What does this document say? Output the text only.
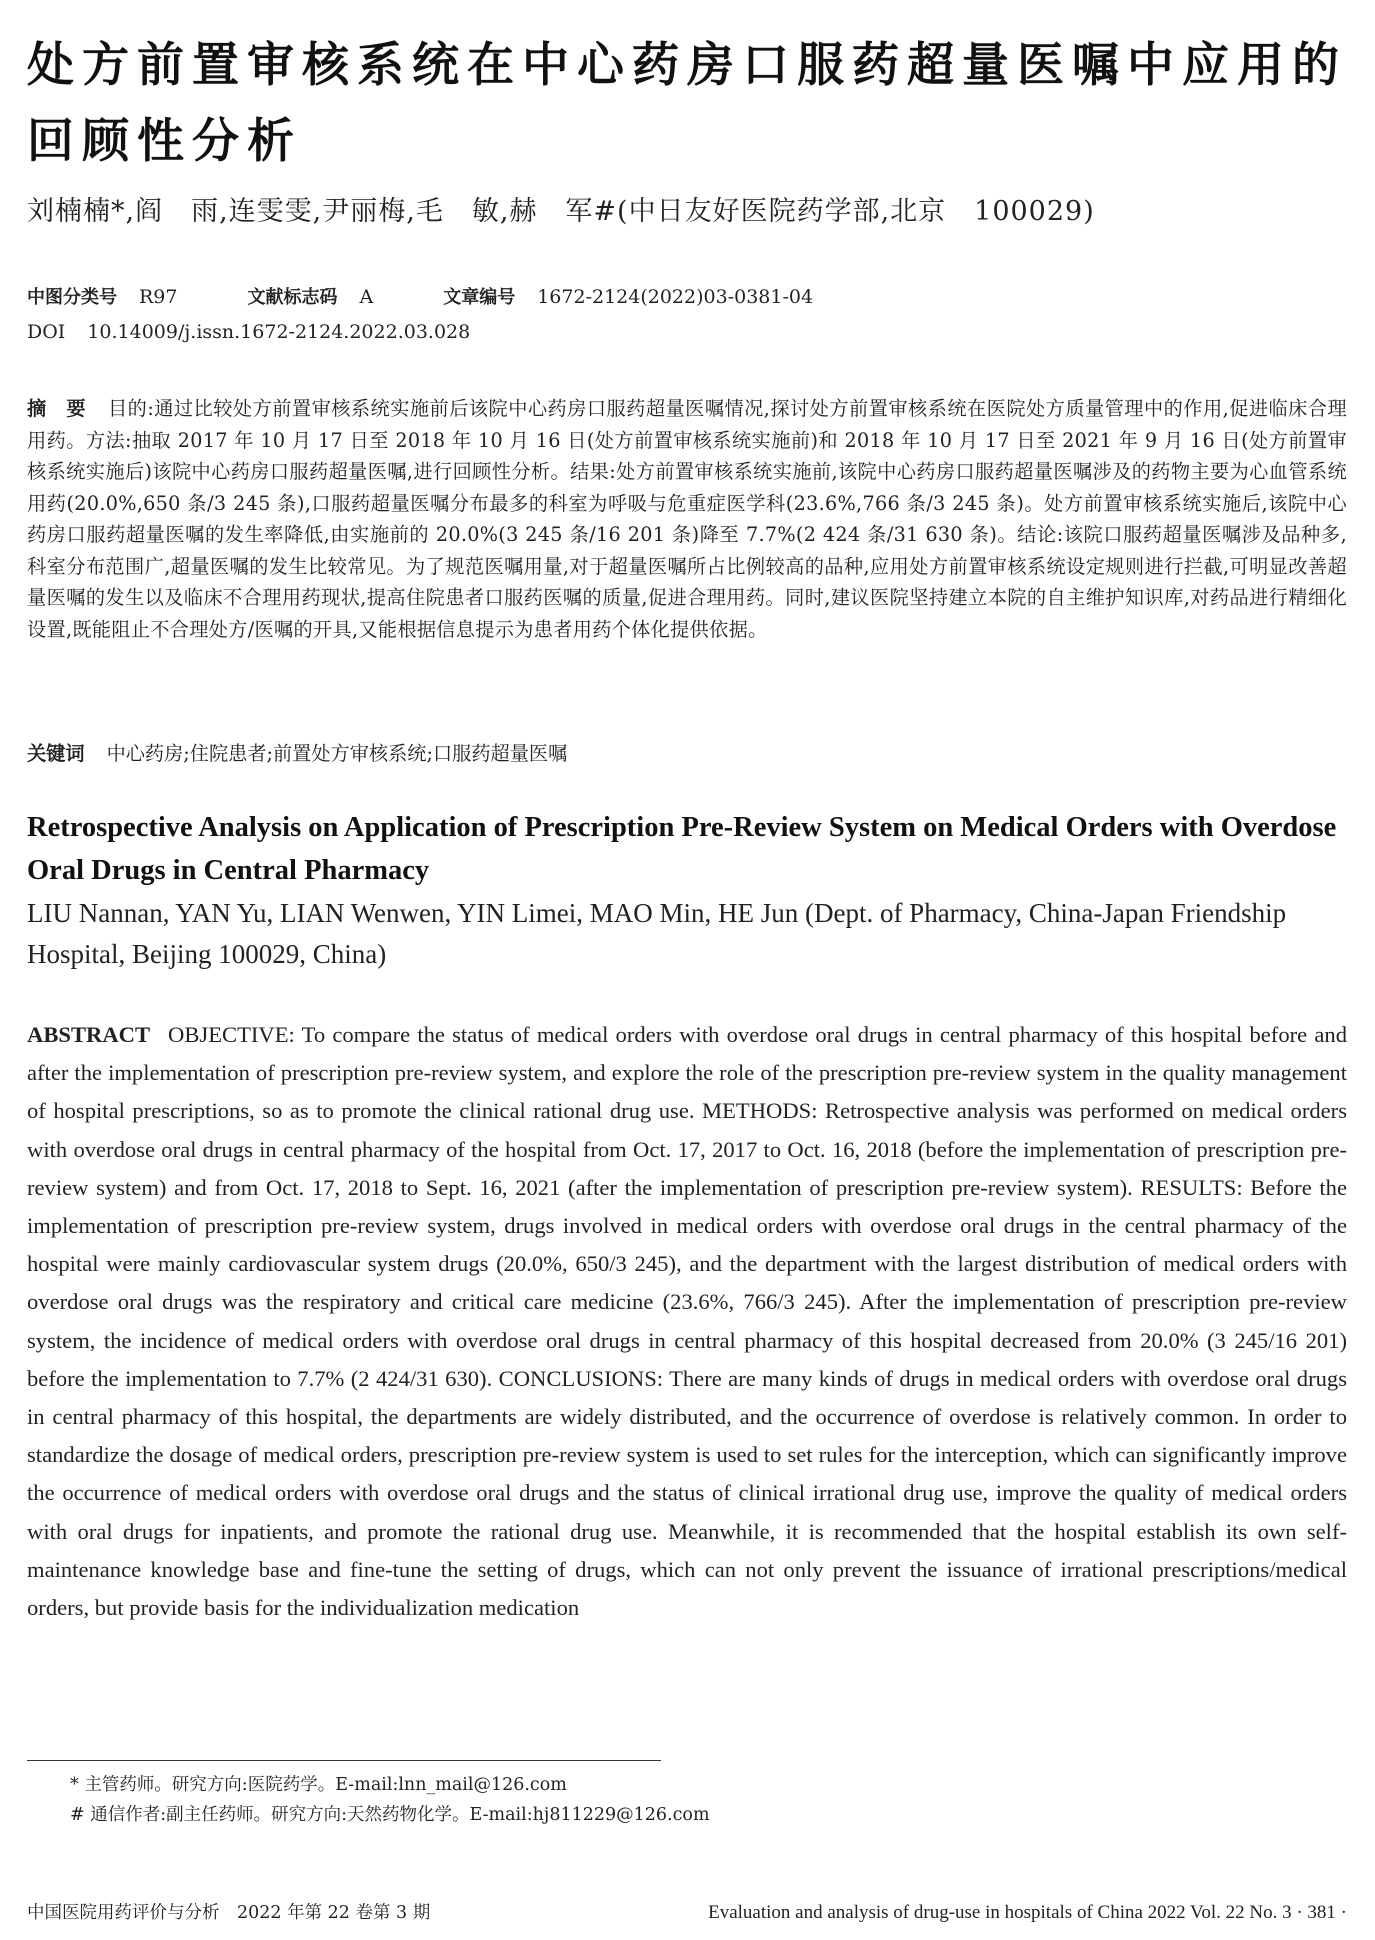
处方前置审核系统在中心药房口服药超量医嘱中应用的回顾性分析
刘楠楠*,阎　雨,连雯雯,尹丽梅,毛　敏,赫　军#(中日友好医院药学部,北京　100029)
中图分类号 R97	文献标志码 A	文章编号 1672-2124(2022)03-0381-04
DOI 10.14009/j.issn.1672-2124.2022.03.028
摘　要 目的:通过比较处方前置审核系统实施前后该院中心药房口服药超量医嘱情况,探讨处方前置审核系统在医院处方质量管理中的作用,促进临床合理用药。方法:抽取 2017 年 10 月 17 日至 2018 年 10 月 16 日(处方前置审核系统实施前)和 2018 年 10 月 17 日至 2021 年 9 月 16 日(处方前置审核系统实施后)该院中心药房口服药超量医嘱,进行回顾性分析。结果:处方前置审核系统实施前,该院中心药房口服药超量医嘱涉及的药物主要为心血管系统用药(20.0%,650 条/3 245 条),口服药超量医嘱分布最多的科室为呼吸与危重症医学科(23.6%,766 条/3 245 条)。处方前置审核系统实施后,该院中心药房口服药超量医嘱的发生率降低,由实施前的 20.0%(3 245 条/16 201 条)降至 7.7%(2 424 条/31 630 条)。结论:该院口服药超量医嘱涉及品种多,科室分布范围广,超量医嘱的发生比较常见。为了规范医嘱用量,对于超量医嘱所占比例较高的品种,应用处方前置审核系统设定规则进行拦截,可明显改善超量医嘱的发生以及临床不合理用药现状,提高住院患者口服药医嘱的质量,促进合理用药。同时,建议医院坚持建立本院的自主维护知识库,对药品进行精细化设置,既能阻止不合理处方/医嘱的开具,又能根据信息提示为患者用药个体化提供依据。
关键词 中心药房;住院患者;前置处方审核系统;口服药超量医嘱
Retrospective Analysis on Application of Prescription Pre-Review System on Medical Orders with Overdose Oral Drugs in Central Pharmacy
LIU Nannan, YAN Yu, LIAN Wenwen, YIN Limei, MAO Min, HE Jun (Dept. of Pharmacy, China-Japan Friendship Hospital, Beijing 100029, China)
ABSTRACT OBJECTIVE: To compare the status of medical orders with overdose oral drugs in central pharmacy of this hospital before and after the implementation of prescription pre-review system, and explore the role of the prescription pre-review system in the quality management of hospital prescriptions, so as to promote the clinical rational drug use. METHODS: Retrospective analysis was performed on medical orders with overdose oral drugs in central pharmacy of the hospital from Oct. 17, 2017 to Oct. 16, 2018 (before the implementation of prescription pre-review system) and from Oct. 17, 2018 to Sept. 16, 2021 (after the implementation of prescription pre-review system). RESULTS: Before the implementation of prescription pre-review system, drugs involved in medical orders with overdose oral drugs in the central pharmacy of the hospital were mainly cardiovascular system drugs (20.0%, 650/3 245), and the department with the largest distribution of medical orders with overdose oral drugs was the respiratory and critical care medicine (23.6%, 766/3 245). After the implementation of prescription pre-review system, the incidence of medical orders with overdose oral drugs in central pharmacy of this hospital decreased from 20.0% (3 245/16 201) before the implementation to 7.7% (2 424/31 630). CONCLUSIONS: There are many kinds of drugs in medical orders with overdose oral drugs in central pharmacy of this hospital, the departments are widely distributed, and the occurrence of overdose is relatively common. In order to standardize the dosage of medical orders, prescription pre-review system is used to set rules for the interception, which can significantly improve the occurrence of medical orders with overdose oral drugs and the status of clinical irrational drug use, improve the quality of medical orders with oral drugs for inpatients, and promote the rational drug use. Meanwhile, it is recommended that the hospital establish its own self-maintenance knowledge base and fine-tune the setting of drugs, which can not only prevent the issuance of irrational prescriptions/medical orders, but provide basis for the individualization medication
* 主管药师。研究方向:医院药学。E-mail:lnn_mail@126.com
# 通信作者:副主任药师。研究方向:天然药物化学。E-mail:hj811229@126.com
中国医院用药评价与分析　2022 年第 22 卷第 3 期	Evaluation and analysis of drug-use in hospitals of China 2022 Vol. 22 No. 3 · 381 ·
